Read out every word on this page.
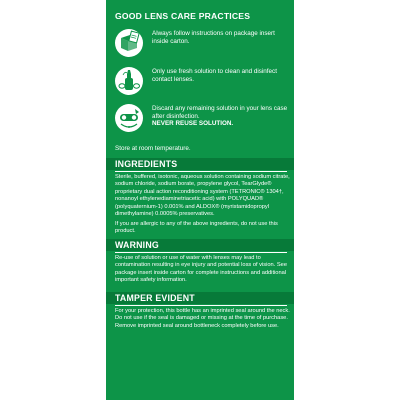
GOOD LENS CARE PRACTICES
Always follow instructions on package insert inside carton.
Only use fresh solution to clean and disinfect contact lenses.
Discard any remaining solution in your lens case after disinfection.
NEVER REUSE SOLUTION.
Store at room temperature.
INGREDIENTS
Sterile, buffered, isotonic, aqueous solution containing sodium citrate, sodium chloride, sodium borate, propylene glycol, TearGlyde® proprietary dual action reconditioning system (TETRONIC® 1304†, nonanoyl ethylenediaminetriacetic acid) with POLYQUAD® (polyquaternium-1) 0.001% and ALDOX® (myristamidopropyl dimethylamine) 0.0005% preservatives.
If you are allergic to any of the above ingredients, do not use this product.
WARNING
Re-use of solution or use of water with lenses may lead to contamination resulting in eye injury and potential loss of vision. See package insert inside carton for complete instructions and additional important safety information.
TAMPER EVIDENT
For your protection, this bottle has an imprinted seal around the neck. Do not use if the seal is damaged or missing at the time of purchase. Remove imprinted seal around bottleneck completely before use.
